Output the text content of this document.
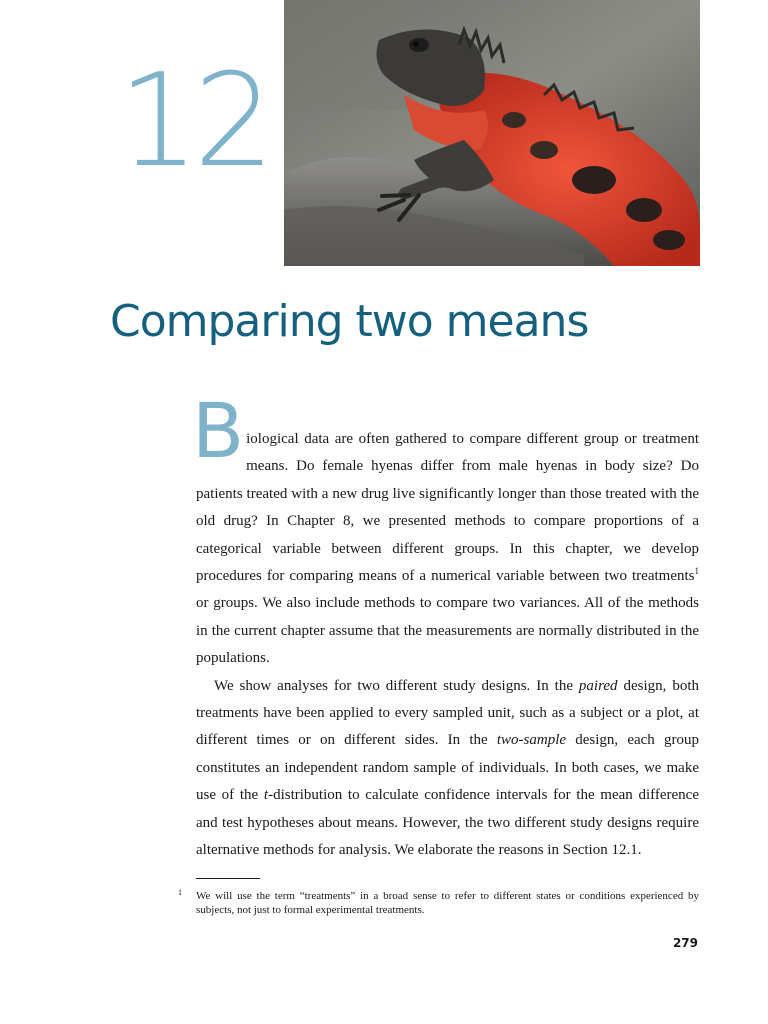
12
Comparing two means

Biological data are often gathered to compare different group or treatment means. Do female hyenas differ from male hyenas in body size? Do patients treated with a new drug live significantly longer than those treated with the old drug? In Chapter 8, we presented methods to compare proportions of a categorical variable between different groups. In this chapter, we develop procedures for comparing means of a numerical variable between two treatments$^1$ or groups. We also include methods to compare two variances. All of the methods in the current chapter assume that the measurements are normally distributed in the populations.

We show analyses for two different study designs. In the paired design, both treatments have been applied to every sampled unit, such as a subject or a plot, at different times or on different sides. In the two-sample design, each group constitutes an independent random sample of individuals. In both cases, we make use of the t-distribution to calculate confidence intervals for the mean difference and test hypotheses about means. However, the two different study designs require alternative methods for analysis. We elaborate the reasons in Section 12.1.

1 We will use the term “treatments” in a broad sense to refer to different states or conditions experienced by subjects, not just to formal experimental treatments.
279
